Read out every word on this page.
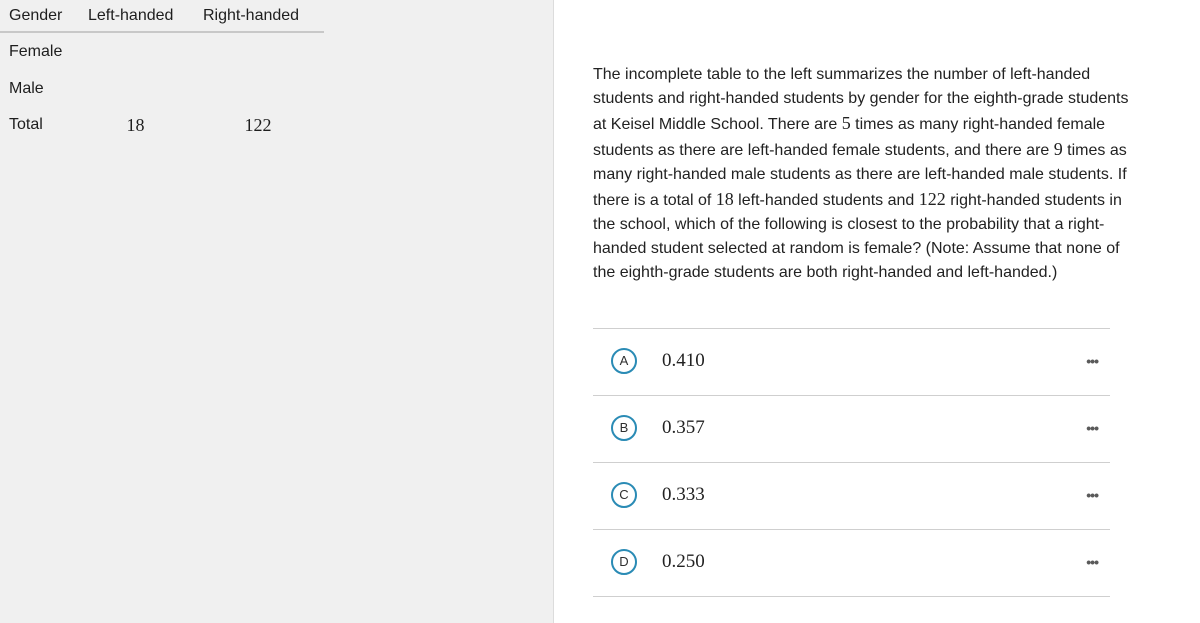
Gender	Left-handed	Right-handed
Female		
Male		
Total	18	122
The incomplete table to the left summarizes the number of left-handed students and right-handed students by gender for the eighth-grade students at Keisel Middle School. There are 5 times as many right-handed female students as there are left-handed female students, and there are 9 times as many right-handed male students as there are left-handed male students. If there is a total of 18 left-handed students and 122 right-handed students in the school, which of the following is closest to the probability that a right-handed student selected at random is female? (Note: Assume that none of the eighth-grade students are both right-handed and left-handed.)
A	0.410	•••
B	0.357	•••
C	0.333	•••
D	0.250	•••
